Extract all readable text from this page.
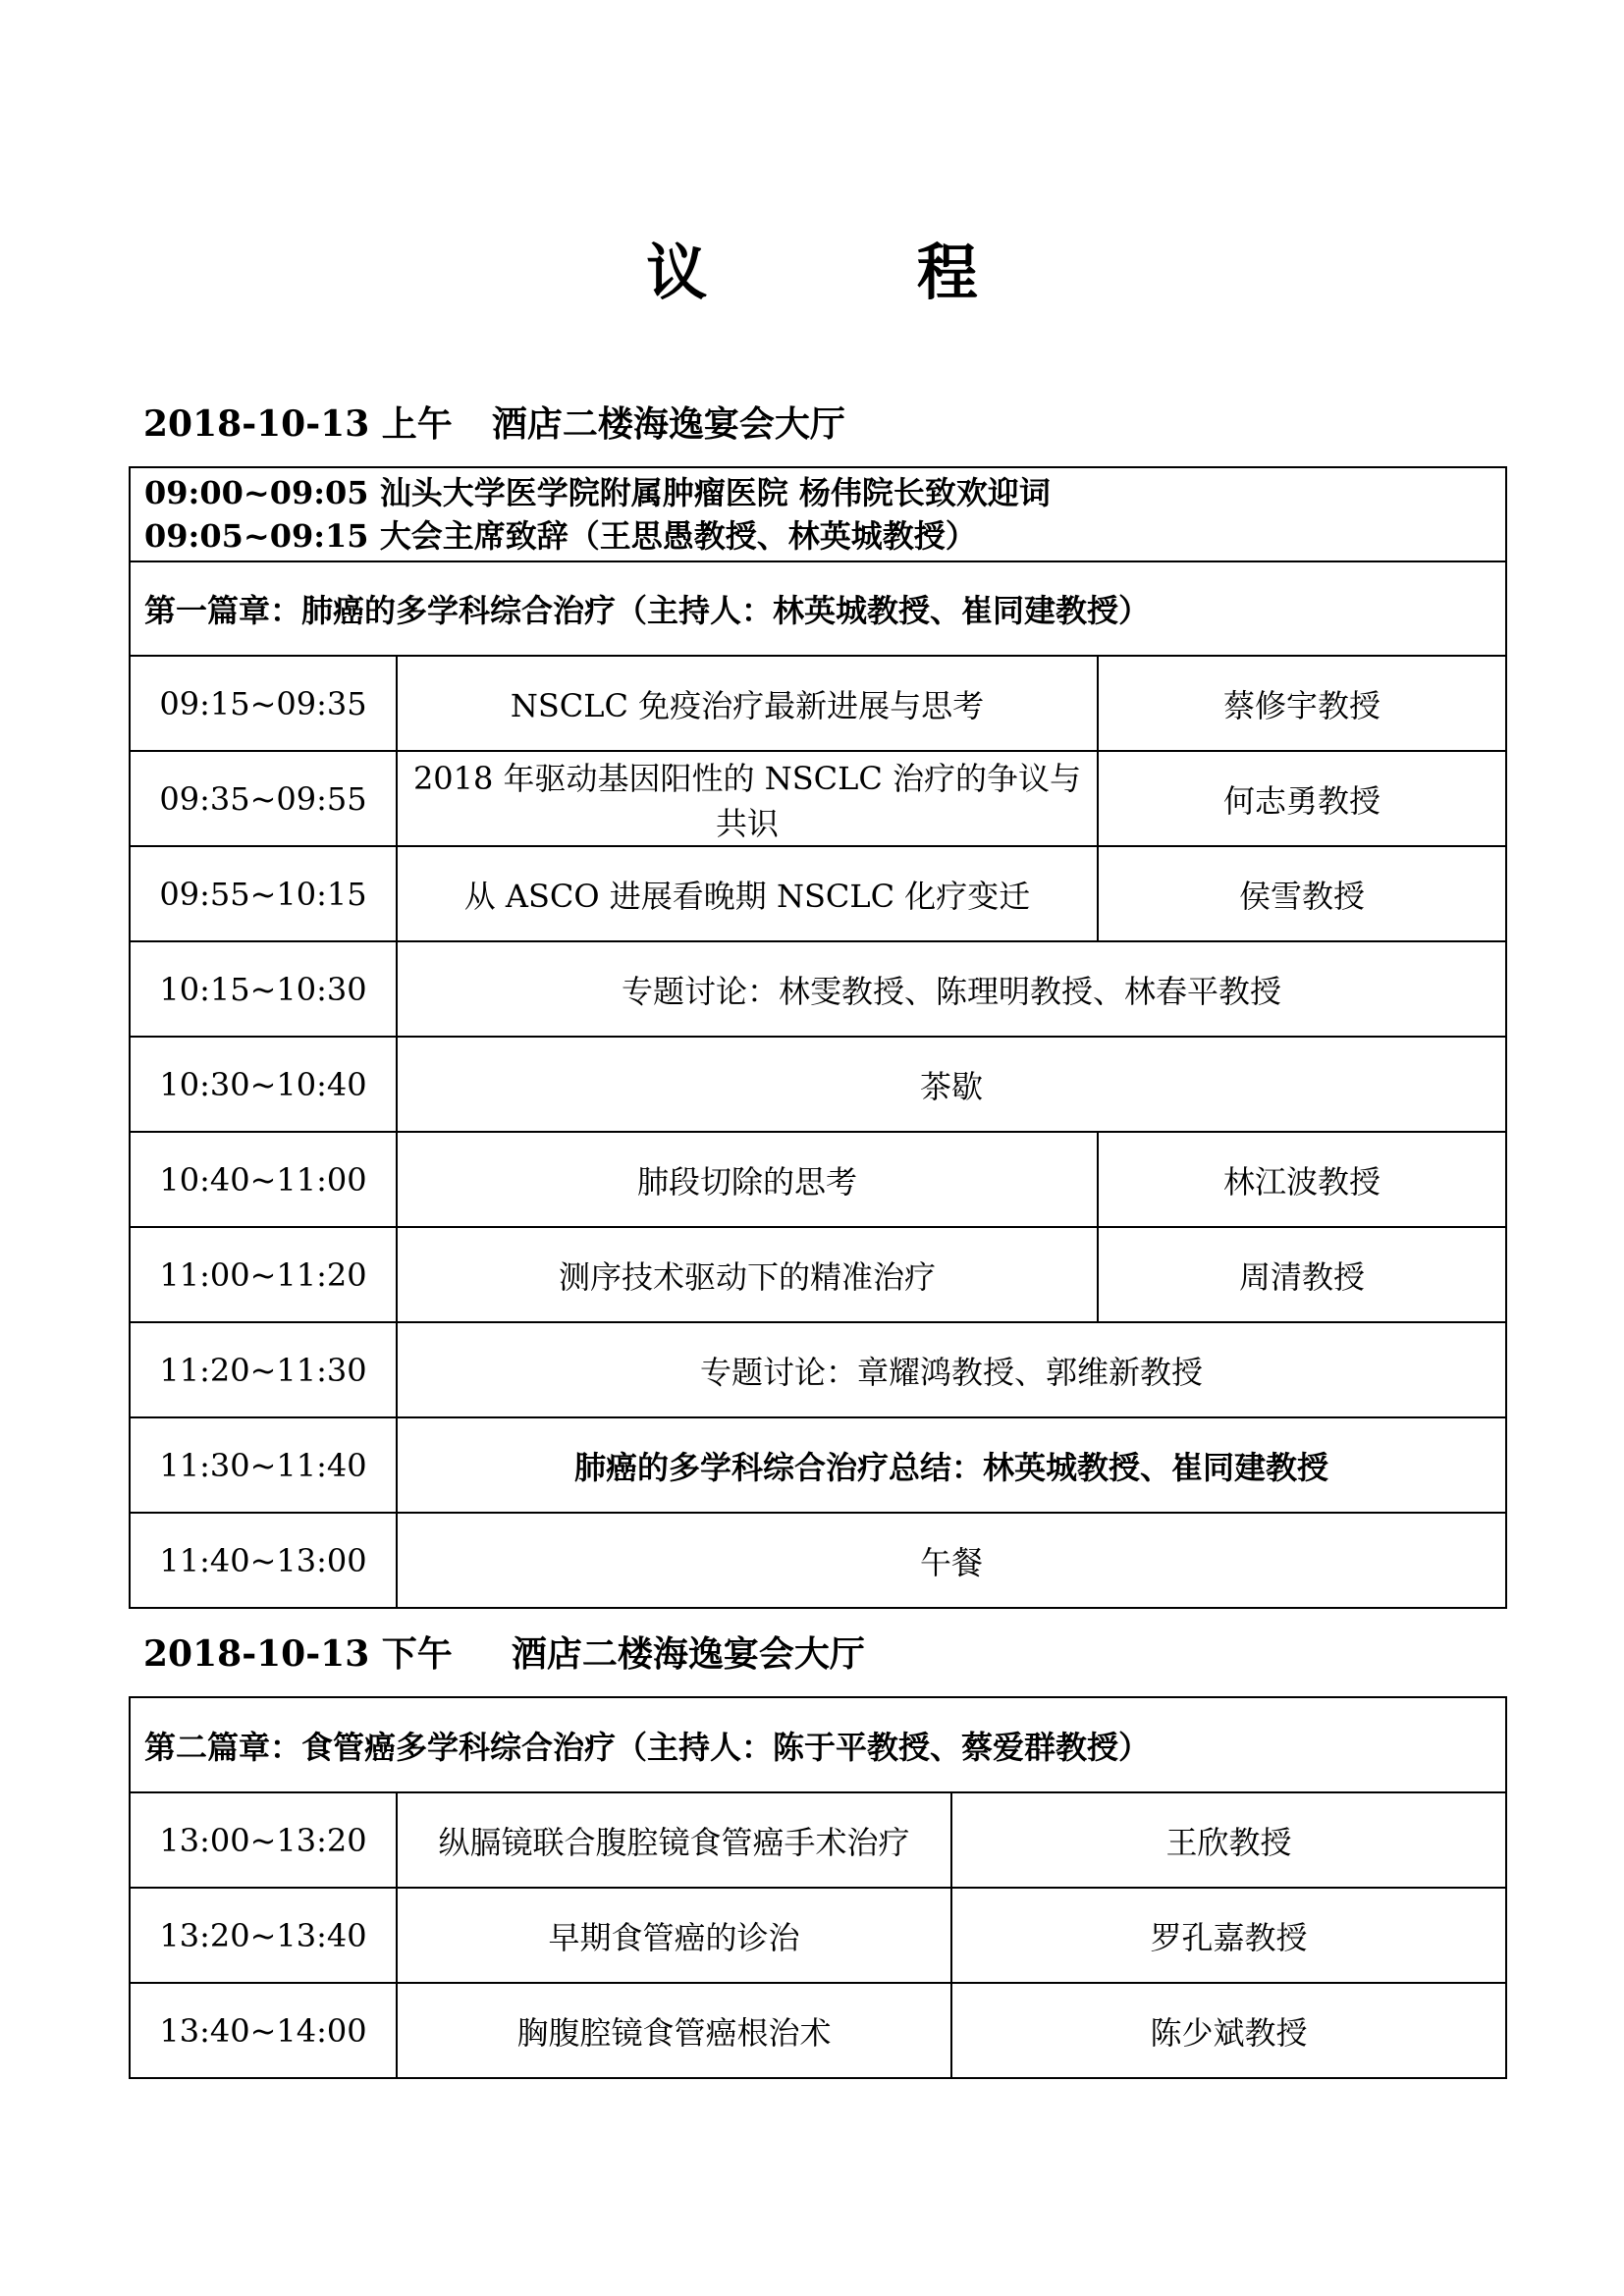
议 程
2018-10-13 上午 酒店二楼海逸宴会大厅
09:00~09:05 汕头大学医学院附属肿瘤医院 杨伟院长致欢迎词
09:05~09:15 大会主席致辞（王思愚教授、林英城教授）		

第一篇章：肺癌的多学科综合治疗（主持人：林英城教授、崔同建教授）		
09:15~09:35	NSCLC 免疫治疗最新进展与思考	蔡修宇教授
09:35~09:55	2018 年驱动基因阳性的 NSCLC 治疗的争议与共识	何志勇教授
09:55~10:15	从 ASCO 进展看晚期 NSCLC 化疗变迁	侯雪教授
10:15~10:30	专题讨论：林雯教授、陈理明教授、林春平教授	
10:30~10:40	茶歇	
10:40~11:00	肺段切除的思考	林江波教授
11:00~11:20	测序技术驱动下的精准治疗	周清教授
11:20~11:30	专题讨论：章耀鸿教授、郭维新教授	
11:30~11:40	肺癌的多学科综合治疗总结：林英城教授、崔同建教授	
11:40~13:00	午餐	
2018-10-13 下午 酒店二楼海逸宴会大厅
第二篇章：食管癌多学科综合治疗（主持人：陈于平教授、蔡爱群教授）		
13:00~13:20	纵膈镜联合腹腔镜食管癌手术治疗	王欣教授
13:20~13:40	早期食管癌的诊治	罗孔嘉教授
13:40~14:00	胸腹腔镜食管癌根治术	陈少斌教授
